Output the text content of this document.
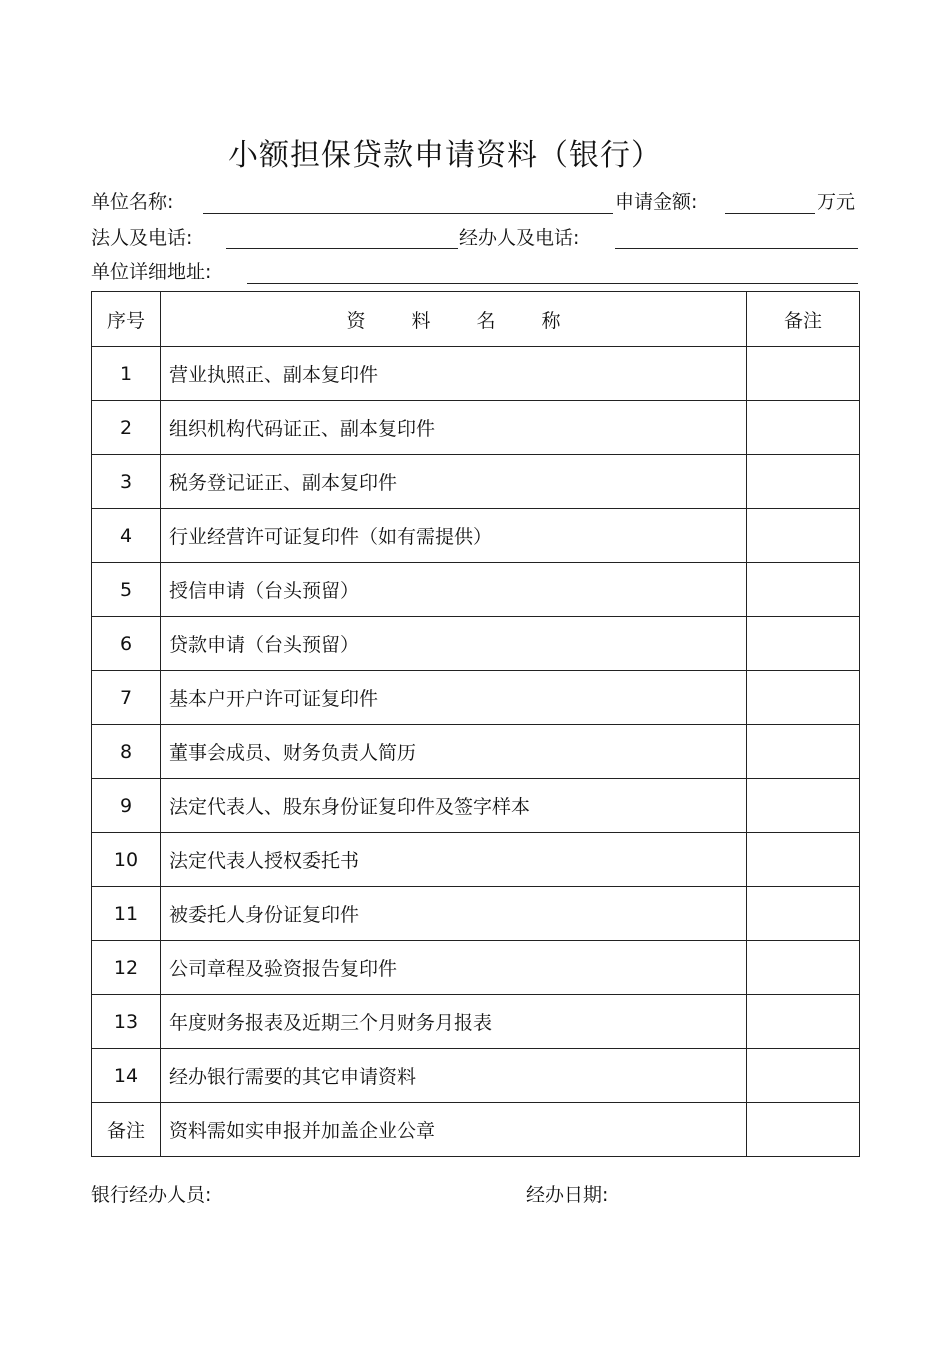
小额担保贷款申请资料（银行）
单位名称:	申请金额:	万元
法人及电话:	经办人及电话:
单位详细地址:
序号	资料名称	备注
1	营业执照正、副本复印件	
2	组织机构代码证正、副本复印件	
3	税务登记证正、副本复印件	
4	行业经营许可证复印件（如有需提供）	
5	授信申请（台头预留）	
6	贷款申请（台头预留）	
7	基本户开户许可证复印件	
8	董事会成员、财务负责人简历	
9	法定代表人、股东身份证复印件及签字样本	
10	法定代表人授权委托书	
11	被委托人身份证复印件	
12	公司章程及验资报告复印件	
13	年度财务报表及近期三个月财务月报表	
14	经办银行需要的其它申请资料	
备注	资料需如实申报并加盖企业公章	
银行经办人员:	经办日期:
